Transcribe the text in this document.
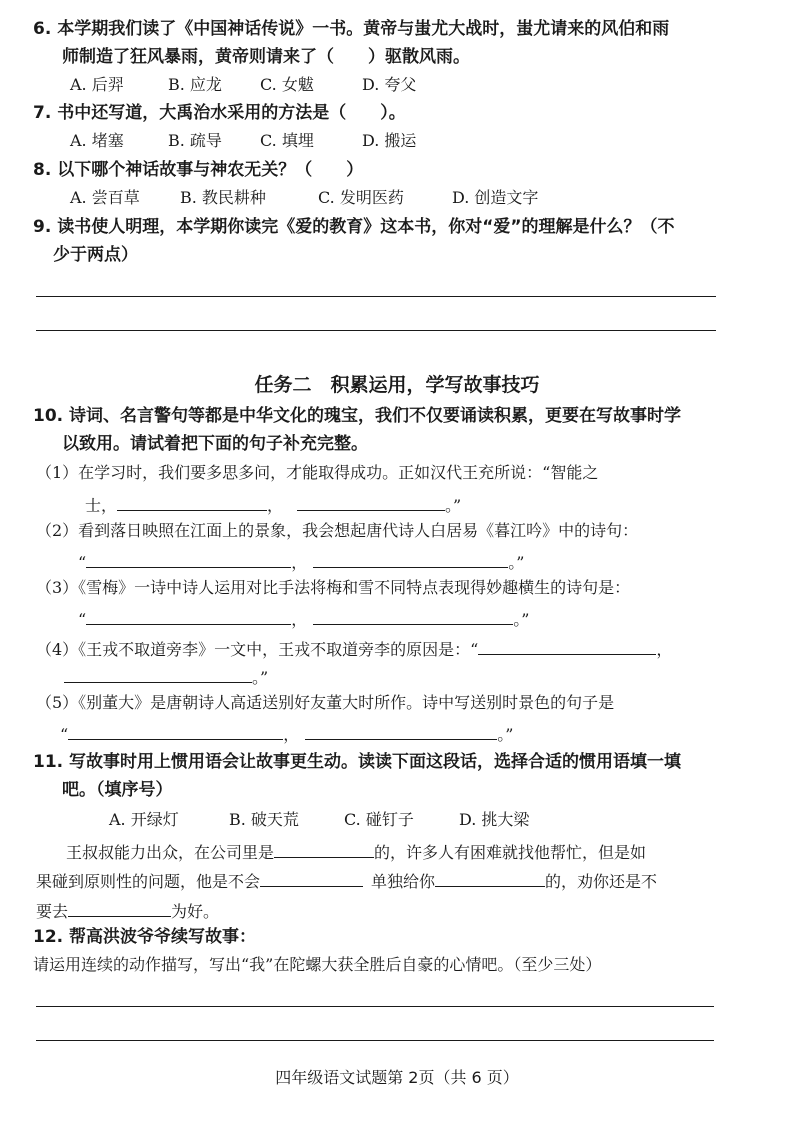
6. 本学期我们读了《中国神话传说》一书。黄帝与蚩尤大战时，蚩尤请来的风伯和雨
师制造了狂风暴雨，黄帝则请来了（　　）驱散风雨。
A. 后羿	B. 应龙 C. 女魃	D. 夸父
7. 书中还写道，大禹治水采用的方法是（　　）。
A. 堵塞	B. 疏导 C. 填埋	D. 搬运
8. 以下哪个神话故事与神农无关？（　　）
A. 尝百草	B. 教民耕种	C. 发明医药	D. 创造文字
9. 读书使人明理，本学期你读完《爱的教育》这本书，你对“爱”的理解是什么？（不
少于两点）
任务二　积累运用，学写故事技巧
10. 诗词、名言警句等都是中华文化的瑰宝，我们不仅要诵读积累，更要在写故事时学
以致用。请试着把下面的句子补充完整。
（1）在学习时，我们要多思多问，才能取得成功。正如汉代王充所说：“智能之
士，	，	。”
（2）看到落日映照在江面上的景象，我会想起唐代诗人白居易《暮江吟》中的诗句：
“	，	。”
（3）《雪梅》一诗中诗人运用对比手法将梅和雪不同特点表现得妙趣横生的诗句是：
“	，	。”
（4）《王戎不取道旁李》一文中，王戎不取道旁李的原因是：“	，
。”
（5）《别董大》是唐朝诗人高适送别好友董大时所作。诗中写送别时景色的句子是
“	，	。”
11. 写故事时用上惯用语会让故事更生动。读读下面这段话，选择合适的惯用语填一填
吧。（填序号）
A. 开绿灯	B. 破天荒	C. 碰钉子	D. 挑大梁
王叔叔能力出众，在公司里是	的，许多人有困难就找他帮忙，但是如
果碰到原则性的问题，他是不会	单独给你	的，劝你还是不
要去	为好。
12. 帮高洪波爷爷续写故事：
请运用连续的动作描写，写出“我”在陀螺大获全胜后自豪的心情吧。（至少三处）
四年级语文试题第 2页（共 6 页）
